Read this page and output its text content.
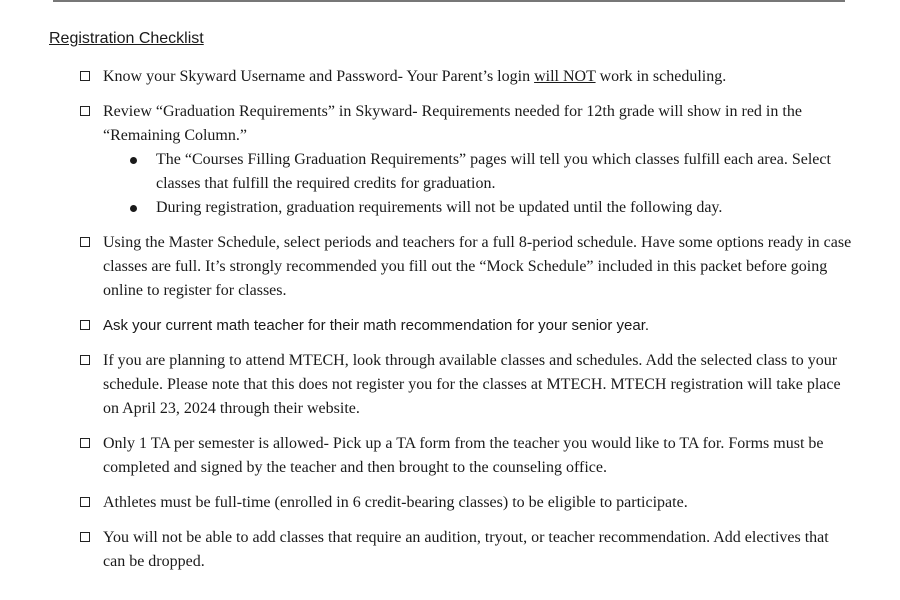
Registration Checklist
Know your Skyward Username and Password- Your Parent’s login will NOT work in scheduling.
Review “Graduation Requirements” in Skyward- Requirements needed for 12th grade will show in red in the “Remaining Column.”
The “Courses Filling Graduation Requirements” pages will tell you which classes fulfill each area. Select classes that fulfill the required credits for graduation.
During registration, graduation requirements will not be updated until the following day.
Using the Master Schedule, select periods and teachers for a full 8-period schedule. Have some options ready in case classes are full. It’s strongly recommended you fill out the “Mock Schedule” included in this packet before going online to register for classes.
Ask your current math teacher for their math recommendation for your senior year.
If you are planning to attend MTECH, look through available classes and schedules. Add the selected class to your schedule. Please note that this does not register you for the classes at MTECH. MTECH registration will take place on April 23, 2024 through their website.
Only 1 TA per semester is allowed- Pick up a TA form from the teacher you would like to TA for. Forms must be completed and signed by the teacher and then brought to the counseling office.
Athletes must be full-time (enrolled in 6 credit-bearing classes) to be eligible to participate.
You will not be able to add classes that require an audition, tryout, or teacher recommendation. Add electives that can be dropped.
